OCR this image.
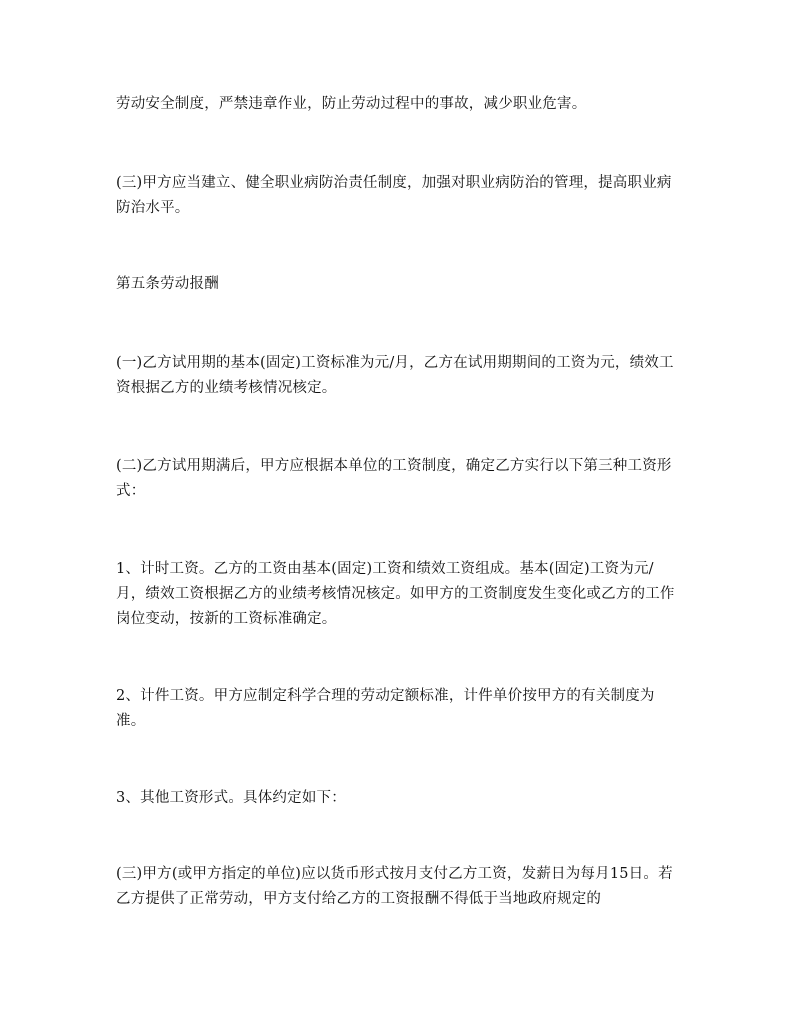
劳动安全制度，严禁违章作业，防止劳动过程中的事故，减少职业危害。

(三)甲方应当建立、健全职业病防治责任制度，加强对职业病防治的管理，提高职业病防治水平。

第五条劳动报酬

(一)乙方试用期的基本(固定)工资标准为元/月，乙方在试用期期间的工资为元，绩效工资根据乙方的业绩考核情况核定。

(二)乙方试用期满后，甲方应根据本单位的工资制度，确定乙方实行以下第三种工资形式：

1、计时工资。乙方的工资由基本(固定)工资和绩效工资组成。基本(固定)工资为元/月，绩效工资根据乙方的业绩考核情况核定。如甲方的工资制度发生变化或乙方的工作岗位变动，按新的工资标准确定。

2、计件工资。甲方应制定科学合理的劳动定额标准，计件单价按甲方的有关制度为准。

3、其他工资形式。具体约定如下：

(三)甲方(或甲方指定的单位)应以货币形式按月支付乙方工资，发薪日为每月15日。若乙方提供了正常劳动，甲方支付给乙方的工资报酬不得低于当地政府规定的
